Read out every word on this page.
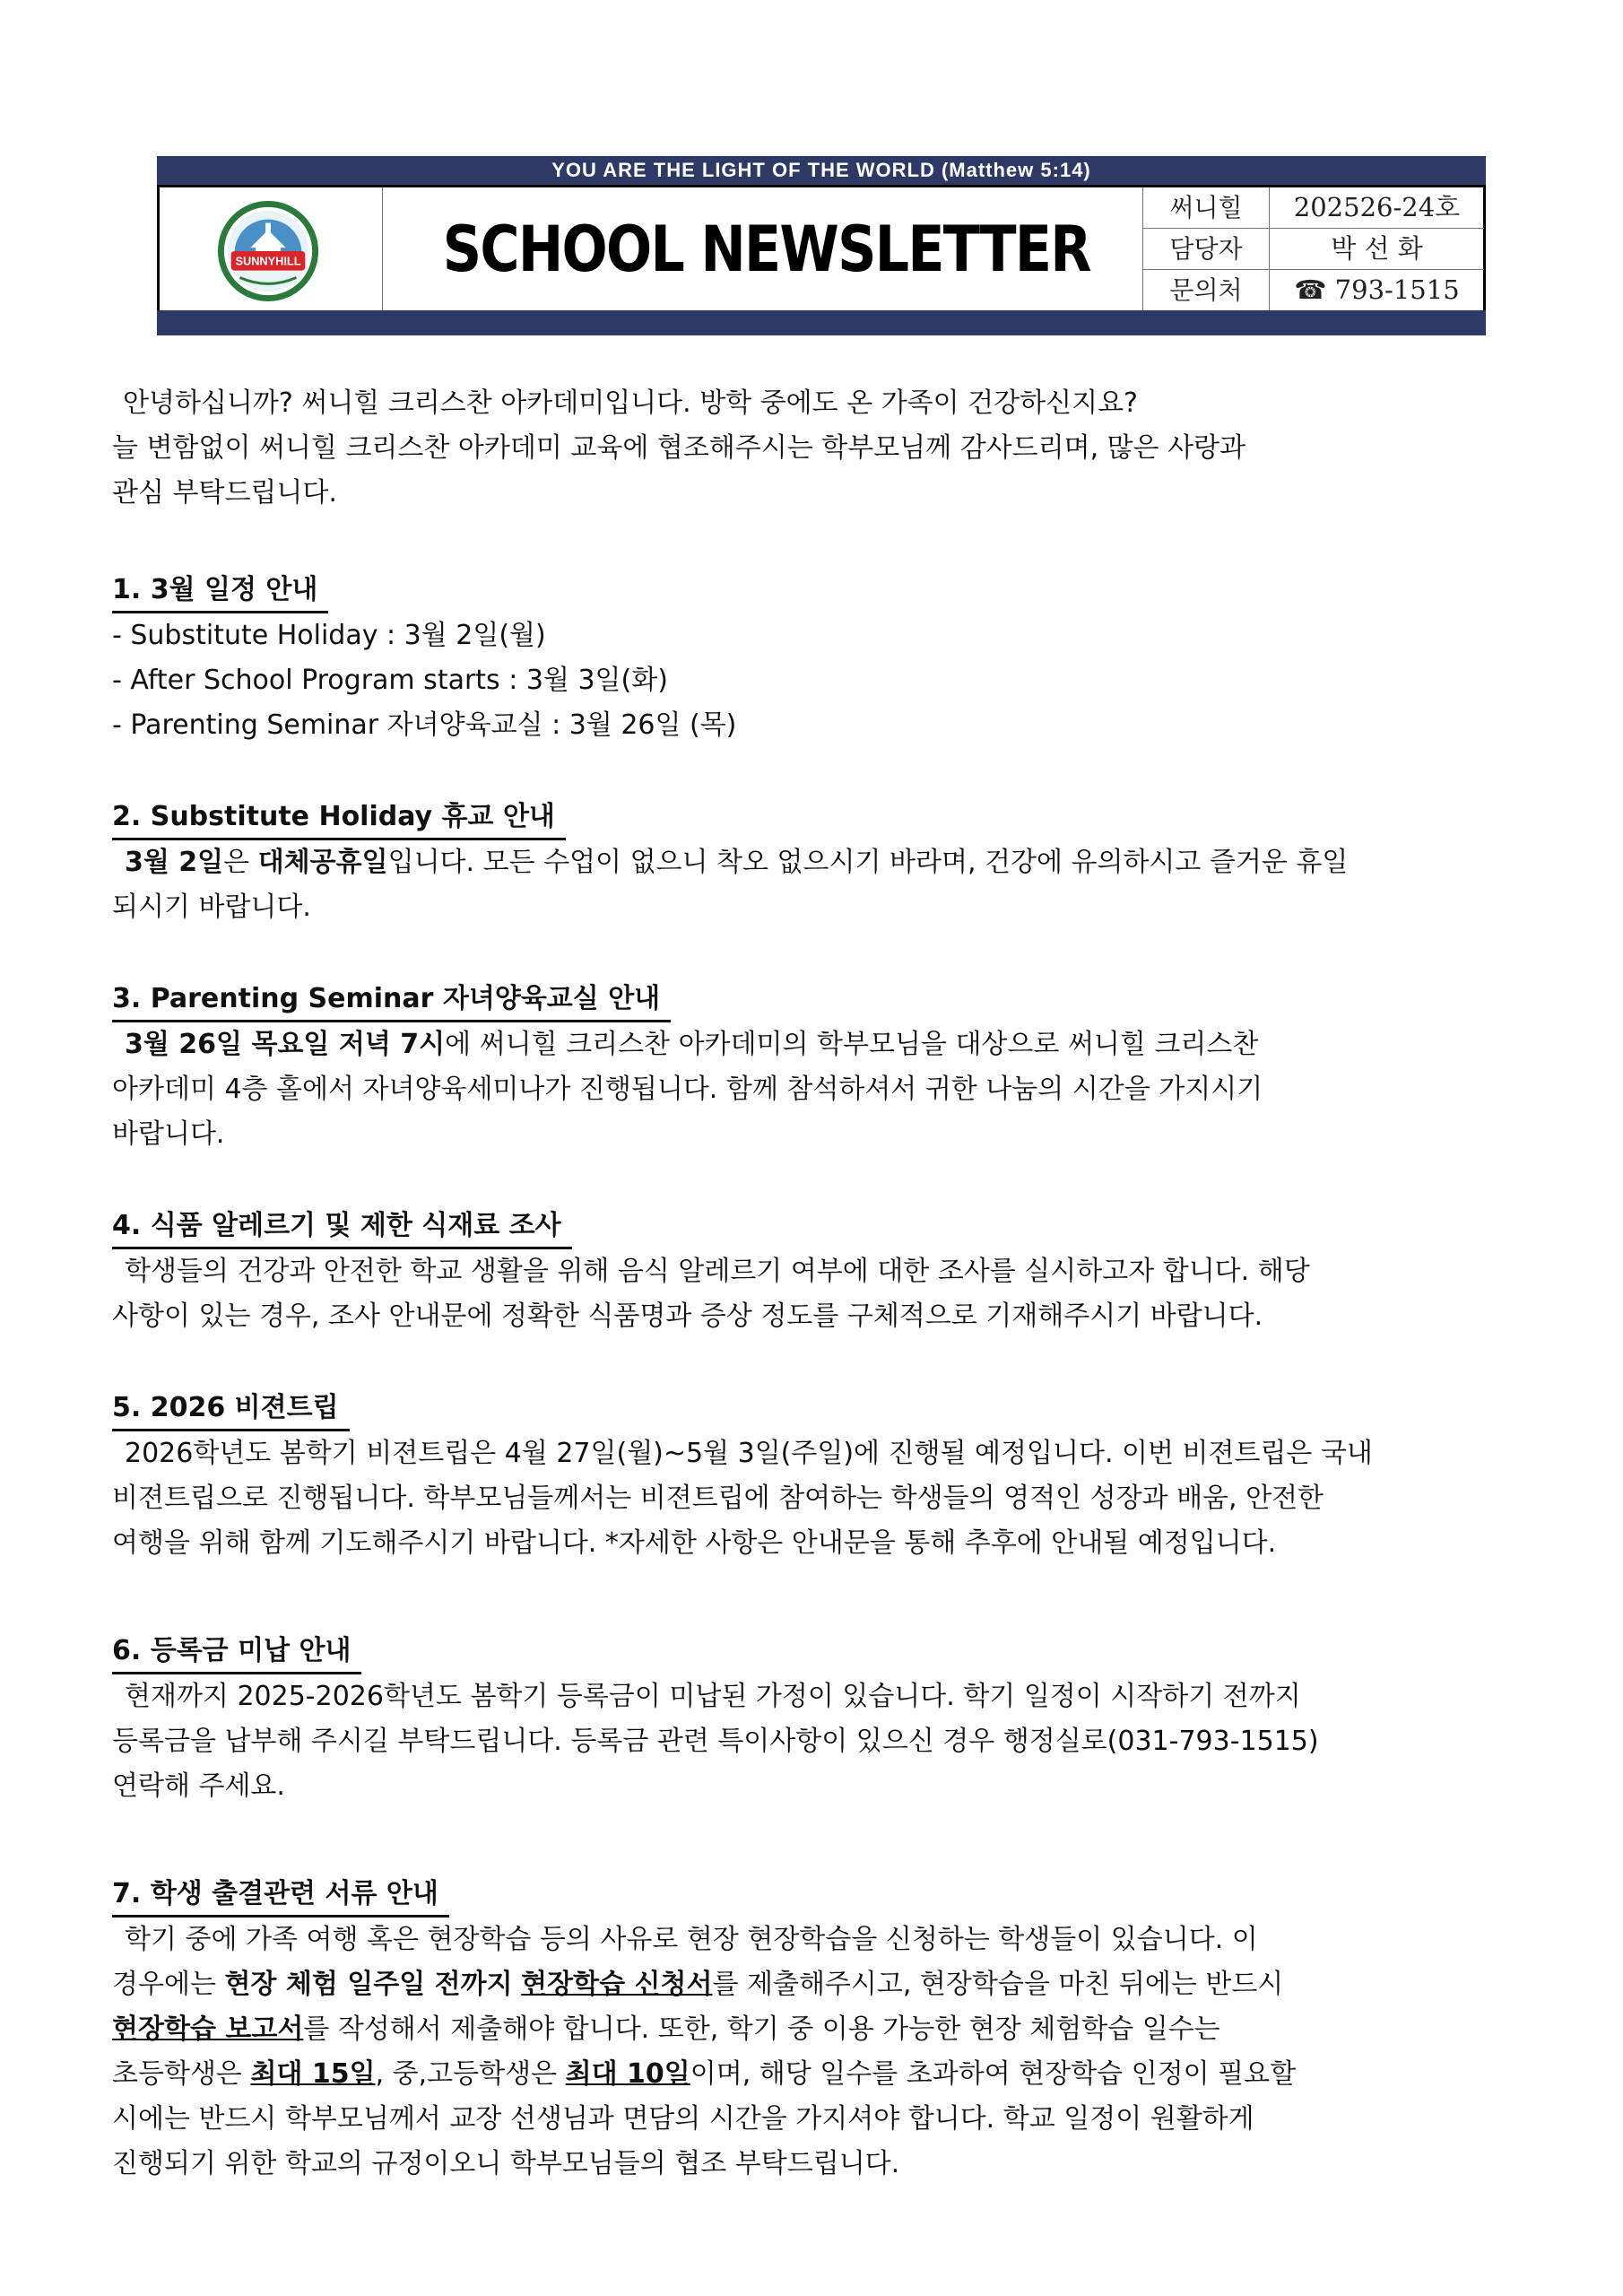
YOU ARE THE LIGHT OF THE WORLD (Matthew 5:14)
SUNNYHILL SCHOOL NEWSLETTER
써니힐	202526-24호
담당자	박 선 화
문의처	☎ 793-1515

안녕하십니까? 써니힐 크리스찬 아카데미입니다. 방학 중에도 온 가족이 건강하신지요?

늘 변함없이 써니힐 크리스찬 아카데미 교육에 협조해주시는 학부모님께 감사드리며, 많은 사랑과

관심 부탁드립니다.

1. 3월 일정 안내

- Substitute Holiday : 3월 2일(월)

- After School Program starts : 3월 3일(화)

- Parenting Seminar 자녀양육교실 : 3월 26일 (목)

2. Substitute Holiday 휴교 안내

3월 2일은 대체공휴일입니다. 모든 수업이 없으니 착오 없으시기 바라며, 건강에 유의하시고 즐거운 휴일

되시기 바랍니다.

3. Parenting Seminar 자녀양육교실 안내

3월 26일 목요일 저녁 7시에 써니힐 크리스찬 아카데미의 학부모님을 대상으로 써니힐 크리스찬

아카데미 4층 홀에서 자녀양육세미나가 진행됩니다. 함께 참석하셔서 귀한 나눔의 시간을 가지시기

바랍니다.

4. 식품 알레르기 및 제한 식재료 조사

학생들의 건강과 안전한 학교 생활을 위해 음식 알레르기 여부에 대한 조사를 실시하고자 합니다. 해당

사항이 있는 경우, 조사 안내문에 정확한 식품명과 증상 정도를 구체적으로 기재해주시기 바랍니다.

5. 2026 비젼트립

2026학년도 봄학기 비젼트립은 4월 27일(월)~5월 3일(주일)에 진행될 예정입니다. 이번 비젼트립은 국내

비젼트립으로 진행됩니다. 학부모님들께서는 비젼트립에 참여하는 학생들의 영적인 성장과 배움, 안전한

여행을 위해 함께 기도해주시기 바랍니다. *자세한 사항은 안내문을 통해 추후에 안내될 예정입니다.

6. 등록금 미납 안내

현재까지 2025-2026학년도 봄학기 등록금이 미납된 가정이 있습니다. 학기 일정이 시작하기 전까지

등록금을 납부해 주시길 부탁드립니다. 등록금 관련 특이사항이 있으신 경우 행정실로(031-793-1515)

연락해 주세요.

7. 학생 출결관련 서류 안내

학기 중에 가족 여행 혹은 현장학습 등의 사유로 현장 현장학습을 신청하는 학생들이 있습니다. 이

경우에는 현장 체험 일주일 전까지 현장학습 신청서를 제출해주시고, 현장학습을 마친 뒤에는 반드시

현장학습 보고서를 작성해서 제출해야 합니다. 또한, 학기 중 이용 가능한 현장 체험학습 일수는

초등학생은 최대 15일, 중,고등학생은 최대 10일이며, 해당 일수를 초과하여 현장학습 인정이 필요할

시에는 반드시 학부모님께서 교장 선생님과 면담의 시간을 가지셔야 합니다. 학교 일정이 원활하게

진행되기 위한 학교의 규정이오니 학부모님들의 협조 부탁드립니다.
